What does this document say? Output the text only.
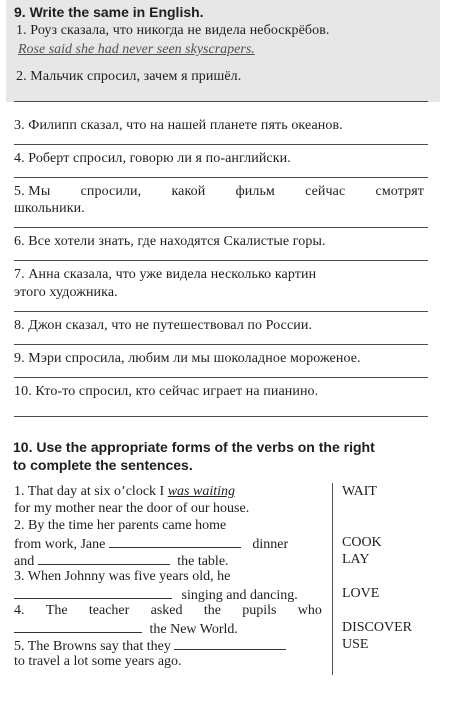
9. Write the same in English.
1. Роуз сказала, что никогда не видела небоскрёбов.
Rose said she had never seen skyscrapers.
2. Мальчик спросил, зачем я пришёл.
3. Филипп сказал, что на нашей планете пять океанов.
4. Роберт спросил, говорю ли я по-английски.
5. Мы спросили, какой фильм сейчас смотрят
школьники.
6. Все хотели знать, где находятся Скалистые горы.
7. Анна сказала, что уже видела несколько картин
этого художника.
8. Джон сказал, что не путешествовал по России.
9. Мэри спросила, любим ли мы шоколадное мороженое.
10. Кто-то спросил, кто сейчас играет на пианино.
10. Use the appropriate forms of the verbs on the right
to complete the sentences.
1. That day at six o’clock I was waiting
for my mother near the door of our house.
2. By the time her parents came home
from work, Jane	dinner
and	the table.
3. When Johnny was five years old, he
singing and dancing.
4. The teacher asked the pupils who
the New World.
5. The Browns say that they
to travel a lot some years ago.
WAIT
COOK
LAY
LOVE
DISCOVER
USE
